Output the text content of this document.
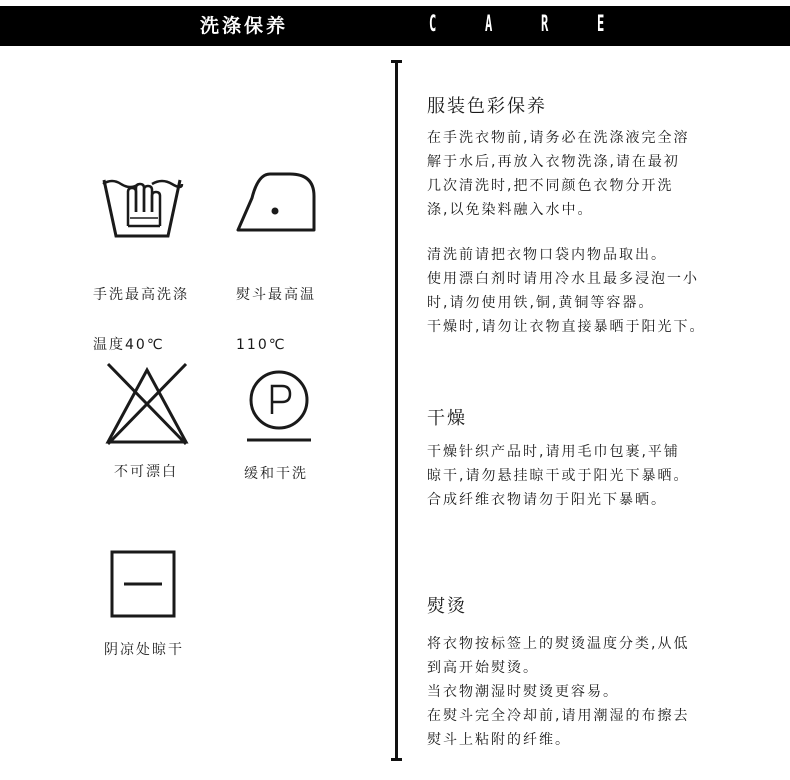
洗涤保养	C A R E

手洗最高洗涤

温度40℃

熨斗最高温

110℃

不可漂白	缓和干洗
阴凉处晾干
服装色彩保养
在手洗衣物前,请务必在洗涤液完全溶
解于水后,再放入衣物洗涤,请在最初
几次清洗时,把不同颜色衣物分开洗
涤,以免染料融入水中。
清洗前请把衣物口袋内物品取出。
使用漂白剂时请用冷水且最多浸泡一小
时,请勿使用铁,铜,黄铜等容器。
干燥时,请勿让衣物直接暴晒于阳光下。
干燥
干燥针织产品时,请用毛巾包裹,平铺
晾干,请勿悬挂晾干或于阳光下暴晒。
合成纤维衣物请勿于阳光下暴晒。
熨烫
将衣物按标签上的熨烫温度分类,从低
到高开始熨烫。
当衣物潮湿时熨烫更容易。
在熨斗完全冷却前,请用潮湿的布擦去
熨斗上粘附的纤维。
